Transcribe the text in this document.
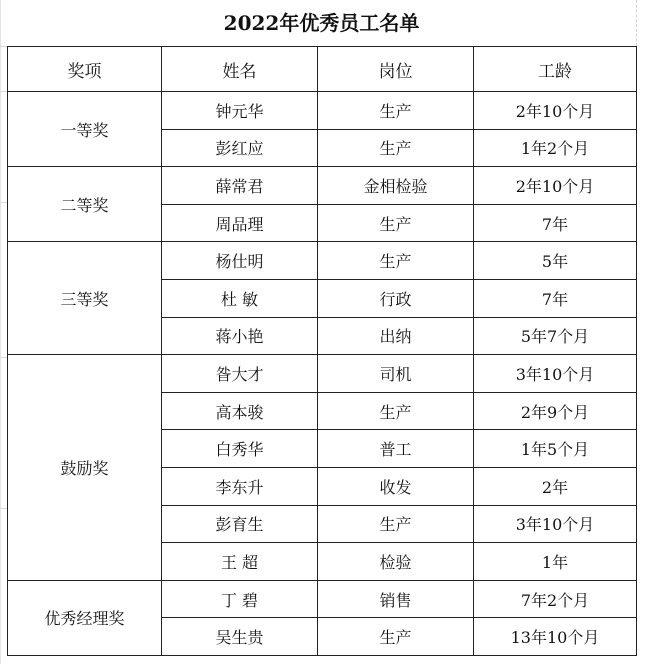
2022年优秀员工名单
奖项	姓名	岗位	工龄
一等奖	钟元华	生产	2年10个月
	彭红应	生产	1年2个月
二等奖	薛常君	金相检验	2年10个月
	周品理	生产	7年
三等奖	杨仕明	生产	5年
	杜 敏	行政	7年
	蒋小艳	出纳	5年7个月
鼓励奖	昝大才	司机	3年10个月
	高本骏	生产	2年9个月
	白秀华	普工	1年5个月
	李东升	收发	2年
	彭育生	生产	3年10个月
	王 超	检验	1年
优秀经理奖	丁 碧	销售	7年2个月
	吴生贵	生产	13年10个月
